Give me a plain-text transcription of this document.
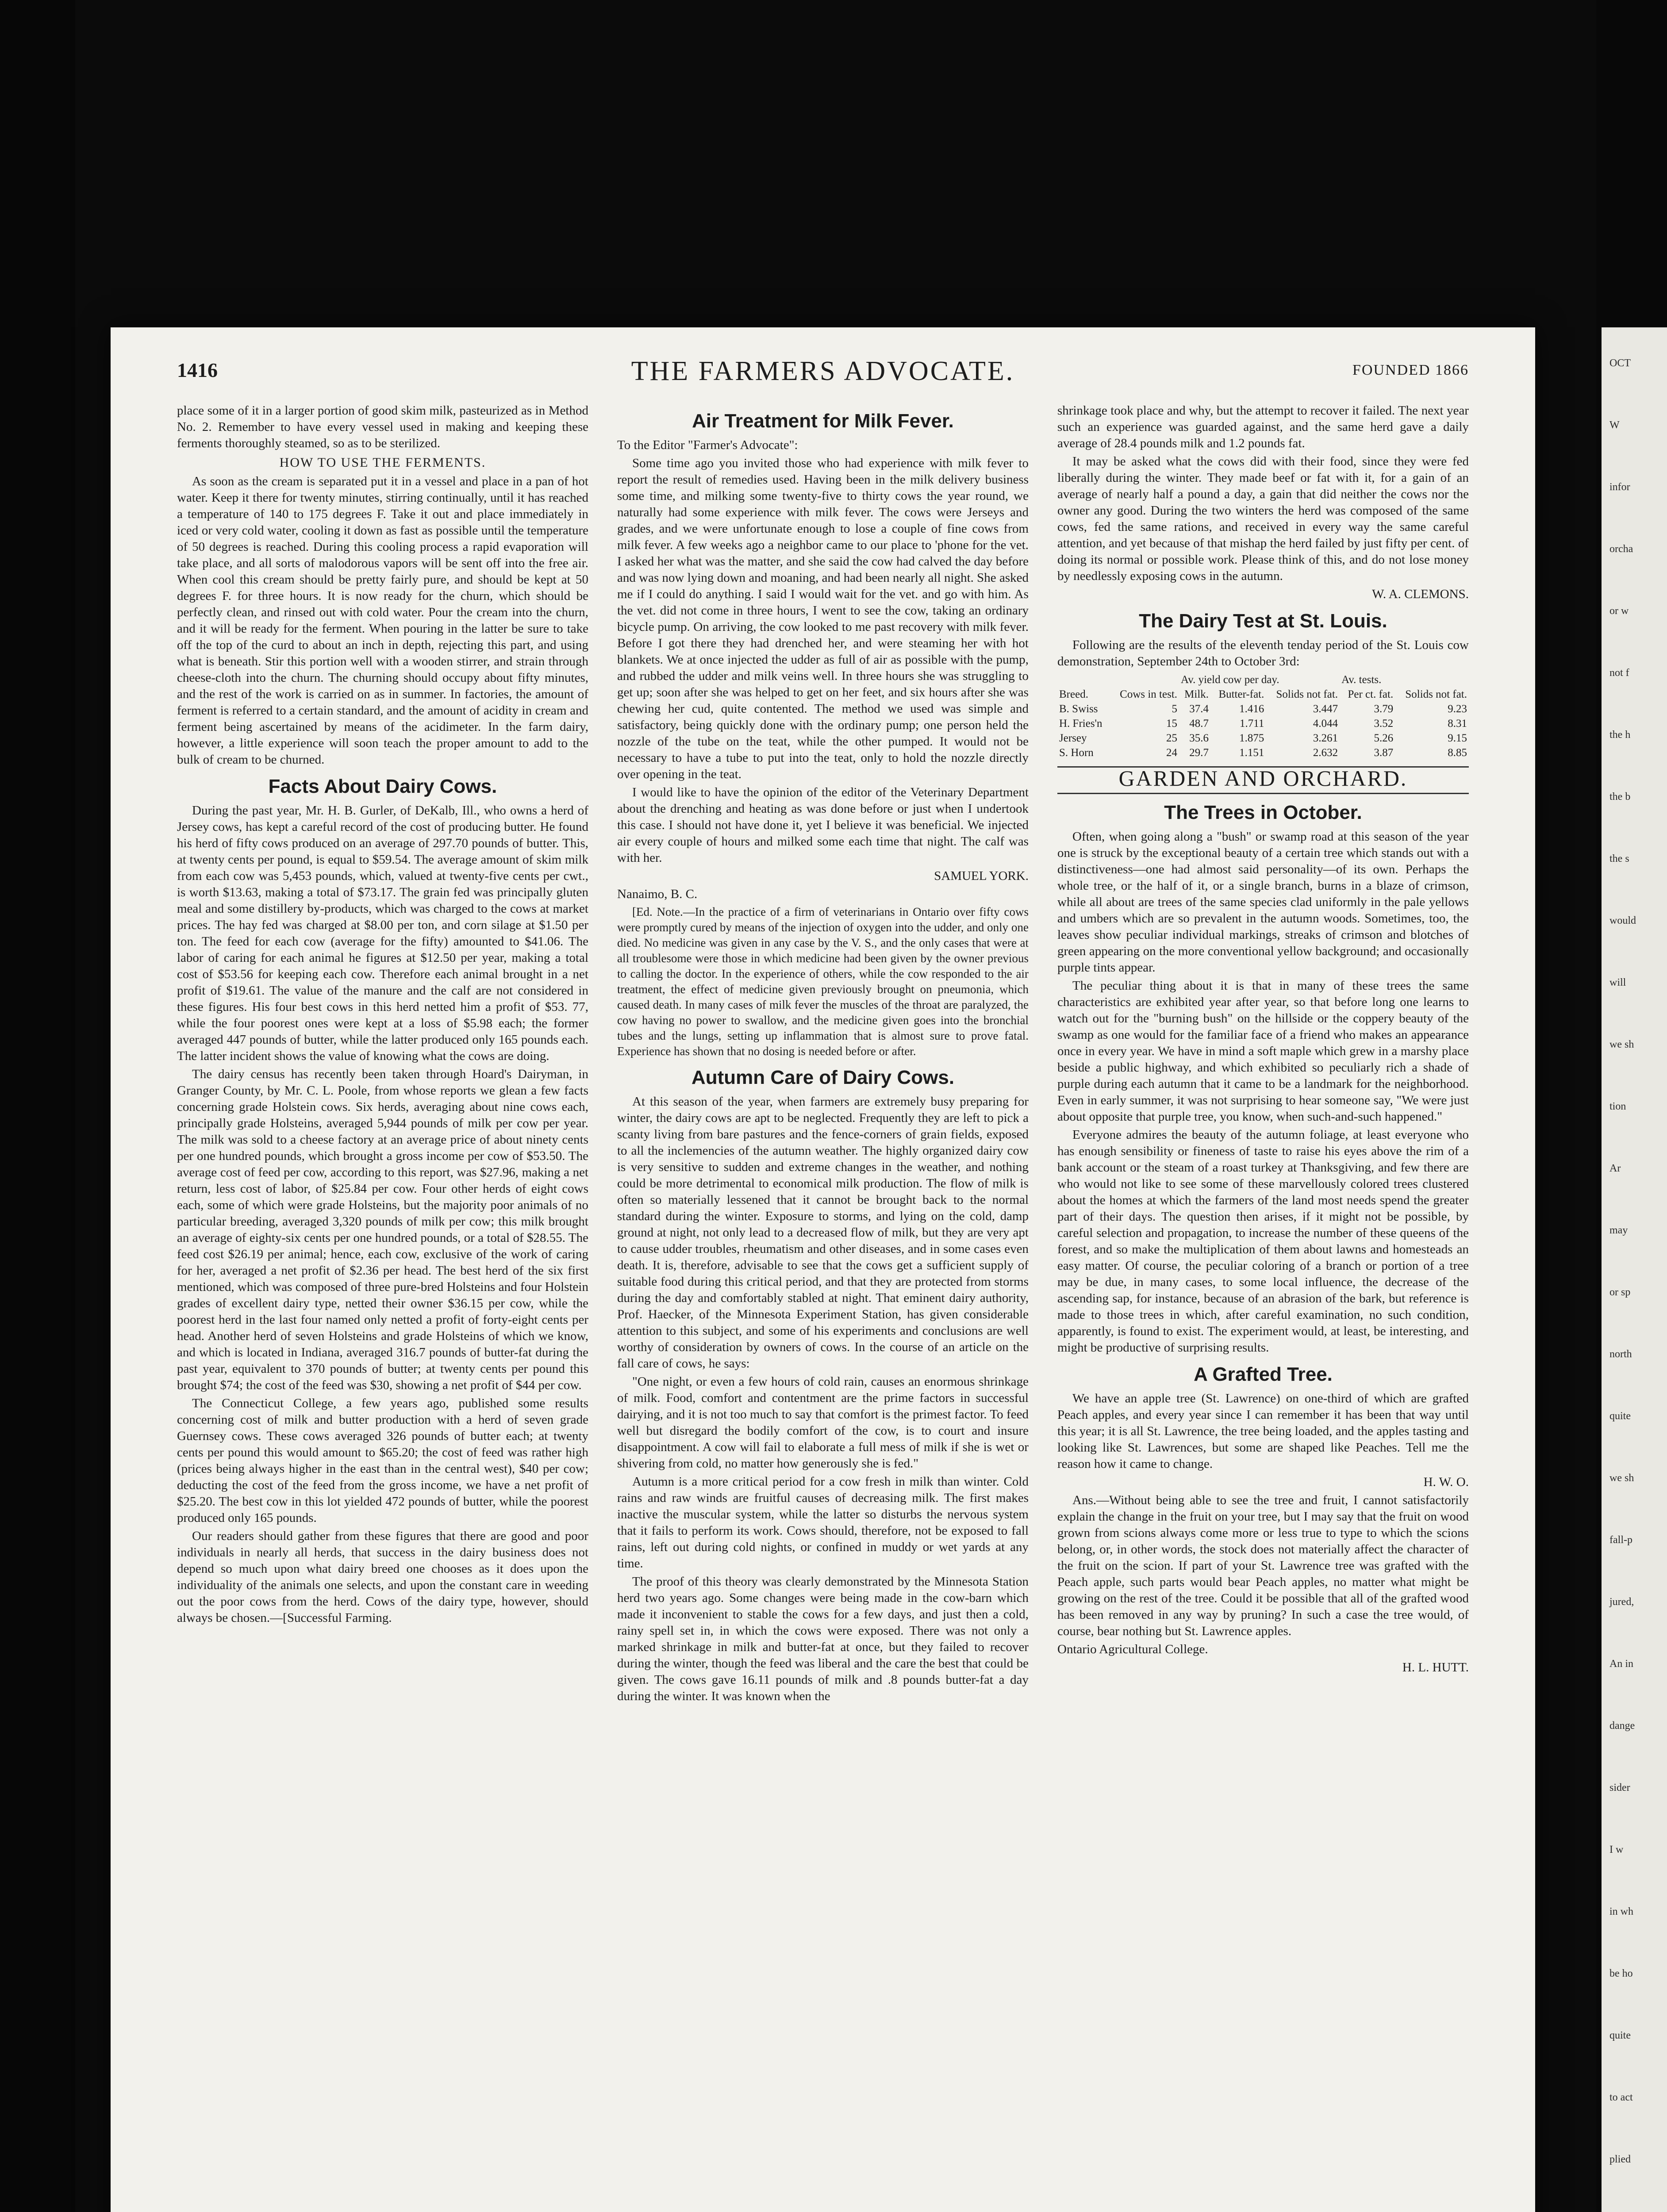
OCT
W
infor
orcha
or w
not f
the h
the b
the s
would
will
we sh
tion
Ar
may
or sp
north
quite
we sh
fall-p
jured,
An in
dange
sider
I w
in wh
be ho
quite
to act
plied
1416	THE FARMERS ADVOCATE.	FOUNDED 1866

place some of it in a larger portion of good skim milk, pasteurized as in Method No. 2. Remember to have every vessel used in making and keeping these ferments thoroughly steamed, so as to be sterilized.

HOW TO USE THE FERMENTS.

As soon as the cream is separated put it in a vessel and place in a pan of hot water. Keep it there for twenty minutes, stirring continually, until it has reached a temperature of 140 to 175 degrees F. Take it out and place immediately in iced or very cold water, cooling it down as fast as possible until the temperature of 50 degrees is reached. During this cooling process a rapid evaporation will take place, and all sorts of malodorous vapors will be sent off into the free air. When cool this cream should be pretty fairly pure, and should be kept at 50 degrees F. for three hours. It is now ready for the churn, which should be perfectly clean, and rinsed out with cold water. Pour the cream into the churn, and it will be ready for the ferment. When pouring in the latter be sure to take off the top of the curd to about an inch in depth, rejecting this part, and using what is beneath. Stir this portion well with a wooden stirrer, and strain through cheese-cloth into the churn. The churning should occupy about fifty minutes, and the rest of the work is carried on as in summer. In factories, the amount of ferment is referred to a certain standard, and the amount of acidity in cream and ferment being ascertained by means of the acidimeter. In the farm dairy, however, a little experience will soon teach the proper amount to add to the bulk of cream to be churned.

Facts About Dairy Cows.

During the past year, Mr. H. B. Gurler, of DeKalb, Ill., who owns a herd of Jersey cows, has kept a careful record of the cost of producing butter. He found his herd of fifty cows produced on an average of 297.70 pounds of butter. This, at twenty cents per pound, is equal to $59.54. The average amount of skim milk from each cow was 5,453 pounds, which, valued at twenty-five cents per cwt., is worth $13.63, making a total of $73.17. The grain fed was principally gluten meal and some distillery by-products, which was charged to the cows at market prices. The hay fed was charged at $8.00 per ton, and corn silage at $1.50 per ton. The feed for each cow (average for the fifty) amounted to $41.06. The labor of caring for each animal he figures at $12.50 per year, making a total cost of $53.56 for keeping each cow. Therefore each animal brought in a net profit of $19.61. The value of the manure and the calf are not considered in these figures. His four best cows in this herd netted him a profit of $53. 77, while the four poorest ones were kept at a loss of $5.98 each; the former averaged 447 pounds of butter, while the latter produced only 165 pounds each. The latter incident shows the value of knowing what the cows are doing.

The dairy census has recently been taken through Hoard's Dairyman, in Granger County, by Mr. C. L. Poole, from whose reports we glean a few facts concerning grade Holstein cows. Six herds, averaging about nine cows each, principally grade Holsteins, averaged 5,944 pounds of milk per cow per year. The milk was sold to a cheese factory at an average price of about ninety cents per one hundred pounds, which brought a gross income per cow of $53.50. The average cost of feed per cow, according to this report, was $27.96, making a net return, less cost of labor, of $25.84 per cow. Four other herds of eight cows each, some of which were grade Holsteins, but the majority poor animals of no particular breeding, averaged 3,320 pounds of milk per cow; this milk brought an average of eighty-six cents per one hundred pounds, or a total of $28.55. The feed cost $26.19 per animal; hence, each cow, exclusive of the work of caring for her, averaged a net profit of $2.36 per head. The best herd of the six first mentioned, which was composed of three pure-bred Holsteins and four Holstein grades of excellent dairy type, netted their owner $36.15 per cow, while the poorest herd in the last four named only netted a profit of forty-eight cents per head. Another herd of seven Holsteins and grade Holsteins of which we know, and which is located in Indiana, averaged 316.7 pounds of butter-fat during the past year, equivalent to 370 pounds of butter; at twenty cents per pound this brought $74; the cost of the feed was $30, showing a net profit of $44 per cow.

The Connecticut College, a few years ago, published some results concerning cost of milk and butter production with a herd of seven grade Guernsey cows. These cows averaged 326 pounds of butter each; at twenty cents per pound this would amount to $65.20; the cost of feed was rather high (prices being always higher in the east than in the central west), $40 per cow; deducting the cost of the feed from the gross income, we have a net profit of $25.20. The best cow in this lot yielded 472 pounds of butter, while the poorest produced only 165 pounds.

Our readers should gather from these figures that there are good and poor individuals in nearly all herds, that success in the dairy business does not depend so much upon what dairy breed one chooses as it does upon the individuality of the animals one selects, and upon the constant care in weeding out the poor cows from the herd. Cows of the dairy type, however, should always be chosen.—[Successful Farming.

Air Treatment for Milk Fever.

To the Editor "Farmer's Advocate":

Some time ago you invited those who had experience with milk fever to report the result of remedies used. Having been in the milk delivery business some time, and milking some twenty-five to thirty cows the year round, we naturally had some experience with milk fever. The cows were Jerseys and grades, and we were unfortunate enough to lose a couple of fine cows from milk fever. A few weeks ago a neighbor came to our place to 'phone for the vet. I asked her what was the matter, and she said the cow had calved the day before and was now lying down and moaning, and had been nearly all night. She asked me if I could do anything. I said I would wait for the vet. and go with him. As the vet. did not come in three hours, I went to see the cow, taking an ordinary bicycle pump. On arriving, the cow looked to me past recovery with milk fever. Before I got there they had drenched her, and were steaming her with hot blankets. We at once injected the udder as full of air as possible with the pump, and rubbed the udder and milk veins well. In three hours she was struggling to get up; soon after she was helped to get on her feet, and six hours after she was chewing her cud, quite contented. The method we used was simple and satisfactory, being quickly done with the ordinary pump; one person held the nozzle of the tube on the teat, while the other pumped. It would not be necessary to have a tube to put into the teat, only to hold the nozzle directly over opening in the teat.

I would like to have the opinion of the editor of the Veterinary Department about the drenching and heating as was done before or just when I undertook this case. I should not have done it, yet I believe it was beneficial. We injected air every couple of hours and milked some each time that night. The calf was with her.

SAMUEL YORK.

Nanaimo, B. C.

[Ed. Note.—In the practice of a firm of veterinarians in Ontario over fifty cows were promptly cured by means of the injection of oxygen into the udder, and only one died. No medicine was given in any case by the V. S., and the only cases that were at all troublesome were those in which medicine had been given by the owner previous to calling the doctor. In the experience of others, while the cow responded to the air treatment, the effect of medicine given previously brought on pneumonia, which caused death. In many cases of milk fever the muscles of the throat are paralyzed, the cow having no power to swallow, and the medicine given goes into the bronchial tubes and the lungs, setting up inflammation that is almost sure to prove fatal. Experience has shown that no dosing is needed before or after.

Autumn Care of Dairy Cows.

At this season of the year, when farmers are extremely busy preparing for winter, the dairy cows are apt to be neglected. Frequently they are left to pick a scanty living from bare pastures and the fence-corners of grain fields, exposed to all the inclemencies of the autumn weather. The highly organized dairy cow is very sensitive to sudden and extreme changes in the weather, and nothing could be more detrimental to economical milk production. The flow of milk is often so materially lessened that it cannot be brought back to the normal standard during the winter. Exposure to storms, and lying on the cold, damp ground at night, not only lead to a decreased flow of milk, but they are very apt to cause udder troubles, rheumatism and other diseases, and in some cases even death. It is, therefore, advisable to see that the cows get a sufficient supply of suitable food during this critical period, and that they are protected from storms during the day and comfortably stabled at night. That eminent dairy authority, Prof. Haecker, of the Minnesota Experiment Station, has given considerable attention to this subject, and some of his experiments and conclusions are well worthy of consideration by owners of cows. In the course of an article on the fall care of cows, he says:

"One night, or even a few hours of cold rain, causes an enormous shrinkage of milk. Food, comfort and contentment are the prime factors in successful dairying, and it is not too much to say that comfort is the primest factor. To feed well but disregard the bodily comfort of the cow, is to court and insure disappointment. A cow will fail to elaborate a full mess of milk if she is wet or shivering from cold, no matter how generously she is fed."

Autumn is a more critical period for a cow fresh in milk than winter. Cold rains and raw winds are fruitful causes of decreasing milk. The first makes inactive the muscular system, while the latter so disturbs the nervous system that it fails to perform its work. Cows should, therefore, not be exposed to fall rains, left out during cold nights, or confined in muddy or wet yards at any time.

The proof of this theory was clearly demonstrated by the Minnesota Station herd two years ago. Some changes were being made in the cow-barn which made it inconvenient to stable the cows for a few days, and just then a cold, rainy spell set in, in which the cows were exposed. There was not only a marked shrinkage in milk and butter-fat at once, but they failed to recover during the winter, though the feed was liberal and the care the best that could be given. The cows gave 16.11 pounds of milk and .8 pounds butter-fat a day during the winter. It was known when the

shrinkage took place and why, but the attempt to recover it failed. The next year such an experience was guarded against, and the same herd gave a daily average of 28.4 pounds milk and 1.2 pounds fat.

It may be asked what the cows did with their food, since they were fed liberally during the winter. They made beef or fat with it, for a gain of an average of nearly half a pound a day, a gain that did neither the cows nor the owner any good. During the two winters the herd was composed of the same cows, fed the same rations, and received in every way the same careful attention, and yet because of that mishap the herd failed by just fifty per cent. of doing its normal or possible work. Please think of this, and do not lose money by needlessly exposing cows in the autumn.

W. A. CLEMONS.

The Dairy Test at St. Louis.

Following are the results of the eleventh tenday period of the St. Louis cow demonstration, September 24th to October 3rd:

		Av. yield cow per day.			Av. tests.	
Breed.	Cows in test.	Milk.	Butter-fat.	Solids not fat.	Per ct. fat.	Solids not fat.
B. Swiss	5	37.4	1.416	3.447	3.79	9.23
H. Fries'n	15	48.7	1.711	4.044	3.52	8.31
Jersey	25	35.6	1.875	3.261	5.26	9.15
S. Horn	24	29.7	1.151	2.632	3.87	8.85
GARDEN AND ORCHARD.
The Trees in October.

Often, when going along a "bush" or swamp road at this season of the year one is struck by the exceptional beauty of a certain tree which stands out with a distinctiveness—one had almost said personality—of its own. Perhaps the whole tree, or the half of it, or a single branch, burns in a blaze of crimson, while all about are trees of the same species clad uniformly in the pale yellows and umbers which are so prevalent in the autumn woods. Sometimes, too, the leaves show peculiar individual markings, streaks of crimson and blotches of green appearing on the more conventional yellow background; and occasionally purple tints appear.

The peculiar thing about it is that in many of these trees the same characteristics are exhibited year after year, so that before long one learns to watch out for the "burning bush" on the hillside or the coppery beauty of the swamp as one would for the familiar face of a friend who makes an appearance once in every year. We have in mind a soft maple which grew in a marshy place beside a public highway, and which exhibited so peculiarly rich a shade of purple during each autumn that it came to be a landmark for the neighborhood. Even in early summer, it was not surprising to hear someone say, "We were just about opposite that purple tree, you know, when such-and-such happened."

Everyone admires the beauty of the autumn foliage, at least everyone who has enough sensibility or fineness of taste to raise his eyes above the rim of a bank account or the steam of a roast turkey at Thanksgiving, and few there are who would not like to see some of these marvellously colored trees clustered about the homes at which the farmers of the land most needs spend the greater part of their days. The question then arises, if it might not be possible, by careful selection and propagation, to increase the number of these queens of the forest, and so make the multiplication of them about lawns and homesteads an easy matter. Of course, the peculiar coloring of a branch or portion of a tree may be due, in many cases, to some local influence, the decrease of the ascending sap, for instance, because of an abrasion of the bark, but reference is made to those trees in which, after careful examination, no such condition, apparently, is found to exist. The experiment would, at least, be interesting, and might be productive of surprising results.

A Grafted Tree.

We have an apple tree (St. Lawrence) on one-third of which are grafted Peach apples, and every year since I can remember it has been that way until this year; it is all St. Lawrence, the tree being loaded, and the apples tasting and looking like St. Lawrences, but some are shaped like Peaches. Tell me the reason how it came to change.

H. W. O.

Ans.—Without being able to see the tree and fruit, I cannot satisfactorily explain the change in the fruit on your tree, but I may say that the fruit on wood grown from scions always come more or less true to type to which the scions belong, or, in other words, the stock does not materially affect the character of the fruit on the scion. If part of your St. Lawrence tree was grafted with the Peach apple, such parts would bear Peach apples, no matter what might be growing on the rest of the tree. Could it be possible that all of the grafted wood has been removed in any way by pruning? In such a case the tree would, of course, bear nothing but St. Lawrence apples.

Ontario Agricultural College.

H. L. HUTT.
